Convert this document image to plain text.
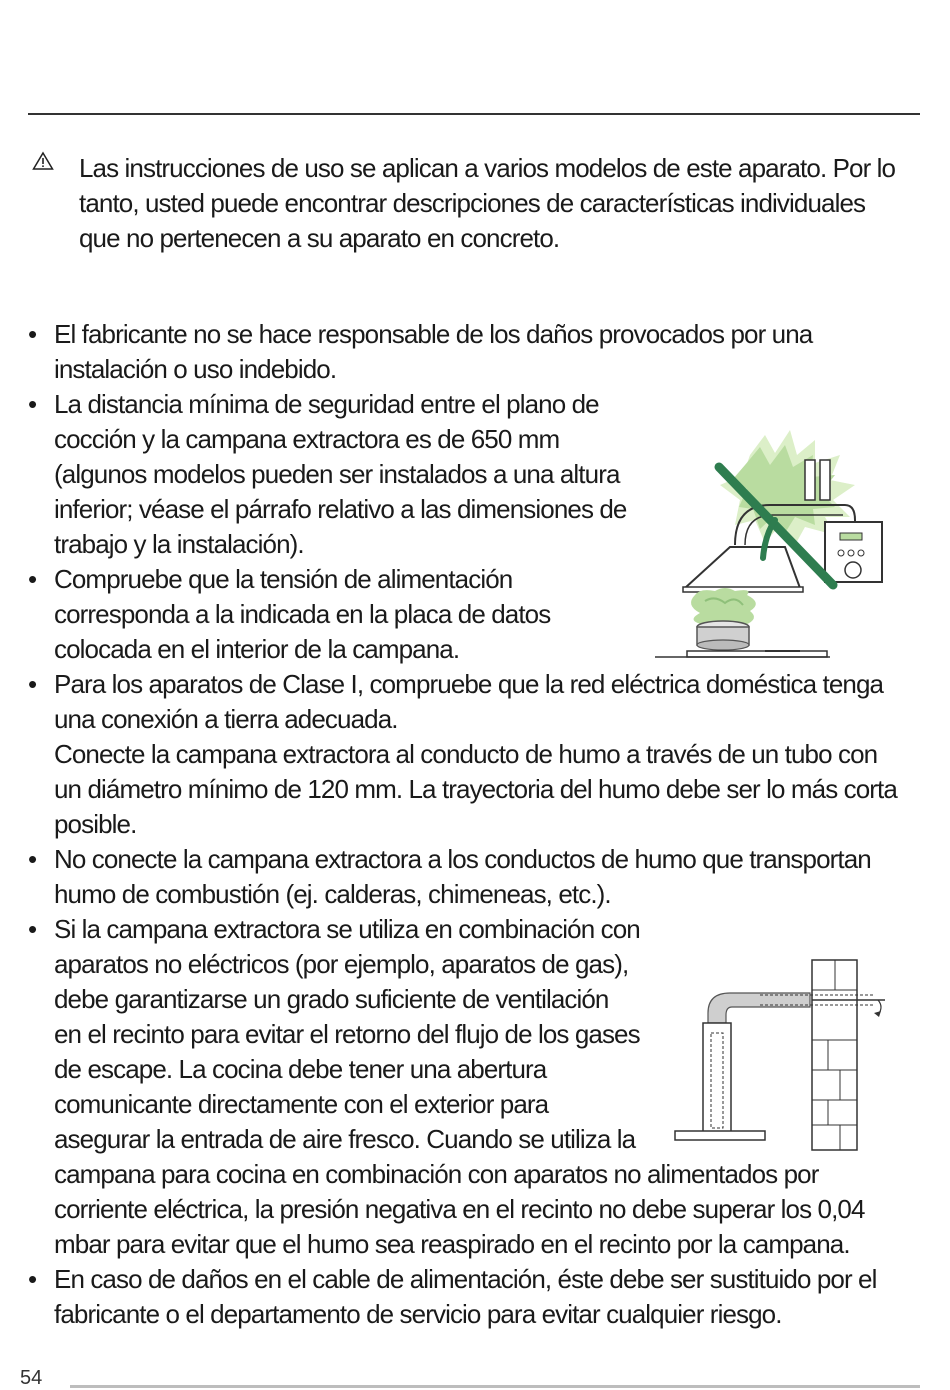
Las instrucciones de uso se aplican a varios modelos de este aparato. Por lo tanto, usted puede encontrar descripciones de características individuales que no pertenecen a su aparato en concreto.

• El fabricante no se hace responsable de los daños provocados por una instalación o uso indebido.
• La distancia mínima de seguridad entre el plano de cocción y la campana extractora es de 650 mm (algunos modelos pueden ser instalados a una altura inferior; véase el párrafo relativo a las dimensiones de trabajo y la instalación).
• Compruebe que la tensión de alimentación corresponda a la indicada en la placa de datos colocada en el interior de la campana.
• Para los aparatos de Clase I, compruebe que la red eléctrica doméstica tenga una conexión a tierra adecuada.
Conecte la campana extractora al conducto de humo a través de un tubo con un diámetro mínimo de 120 mm. La trayectoria del humo debe ser lo más corta posible.
• No conecte la campana extractora a los conductos de humo que transportan humo de combustión (ej. calderas, chimeneas, etc.).
• Si la campana extractora se utiliza en combinación con aparatos no eléctricos (por ejemplo, aparatos de gas), debe garantizarse un grado suficiente de ventilación en el recinto para evitar el retorno del flujo de los gases de escape. La cocina debe tener una abertura comunicante directamente con el exterior para asegurar la entrada de aire fresco. Cuando se utiliza la campana para cocina en combinación con aparatos no alimentados por corriente eléctrica, la presión negativa en el recinto no debe superar los 0,04 mbar para evitar que el humo sea reaspirado en el recinto por la campana.
• En caso de daños en el cable de alimentación, éste debe ser sustituido por el fabricante o el departamento de servicio para evitar cualquier riesgo.
54
